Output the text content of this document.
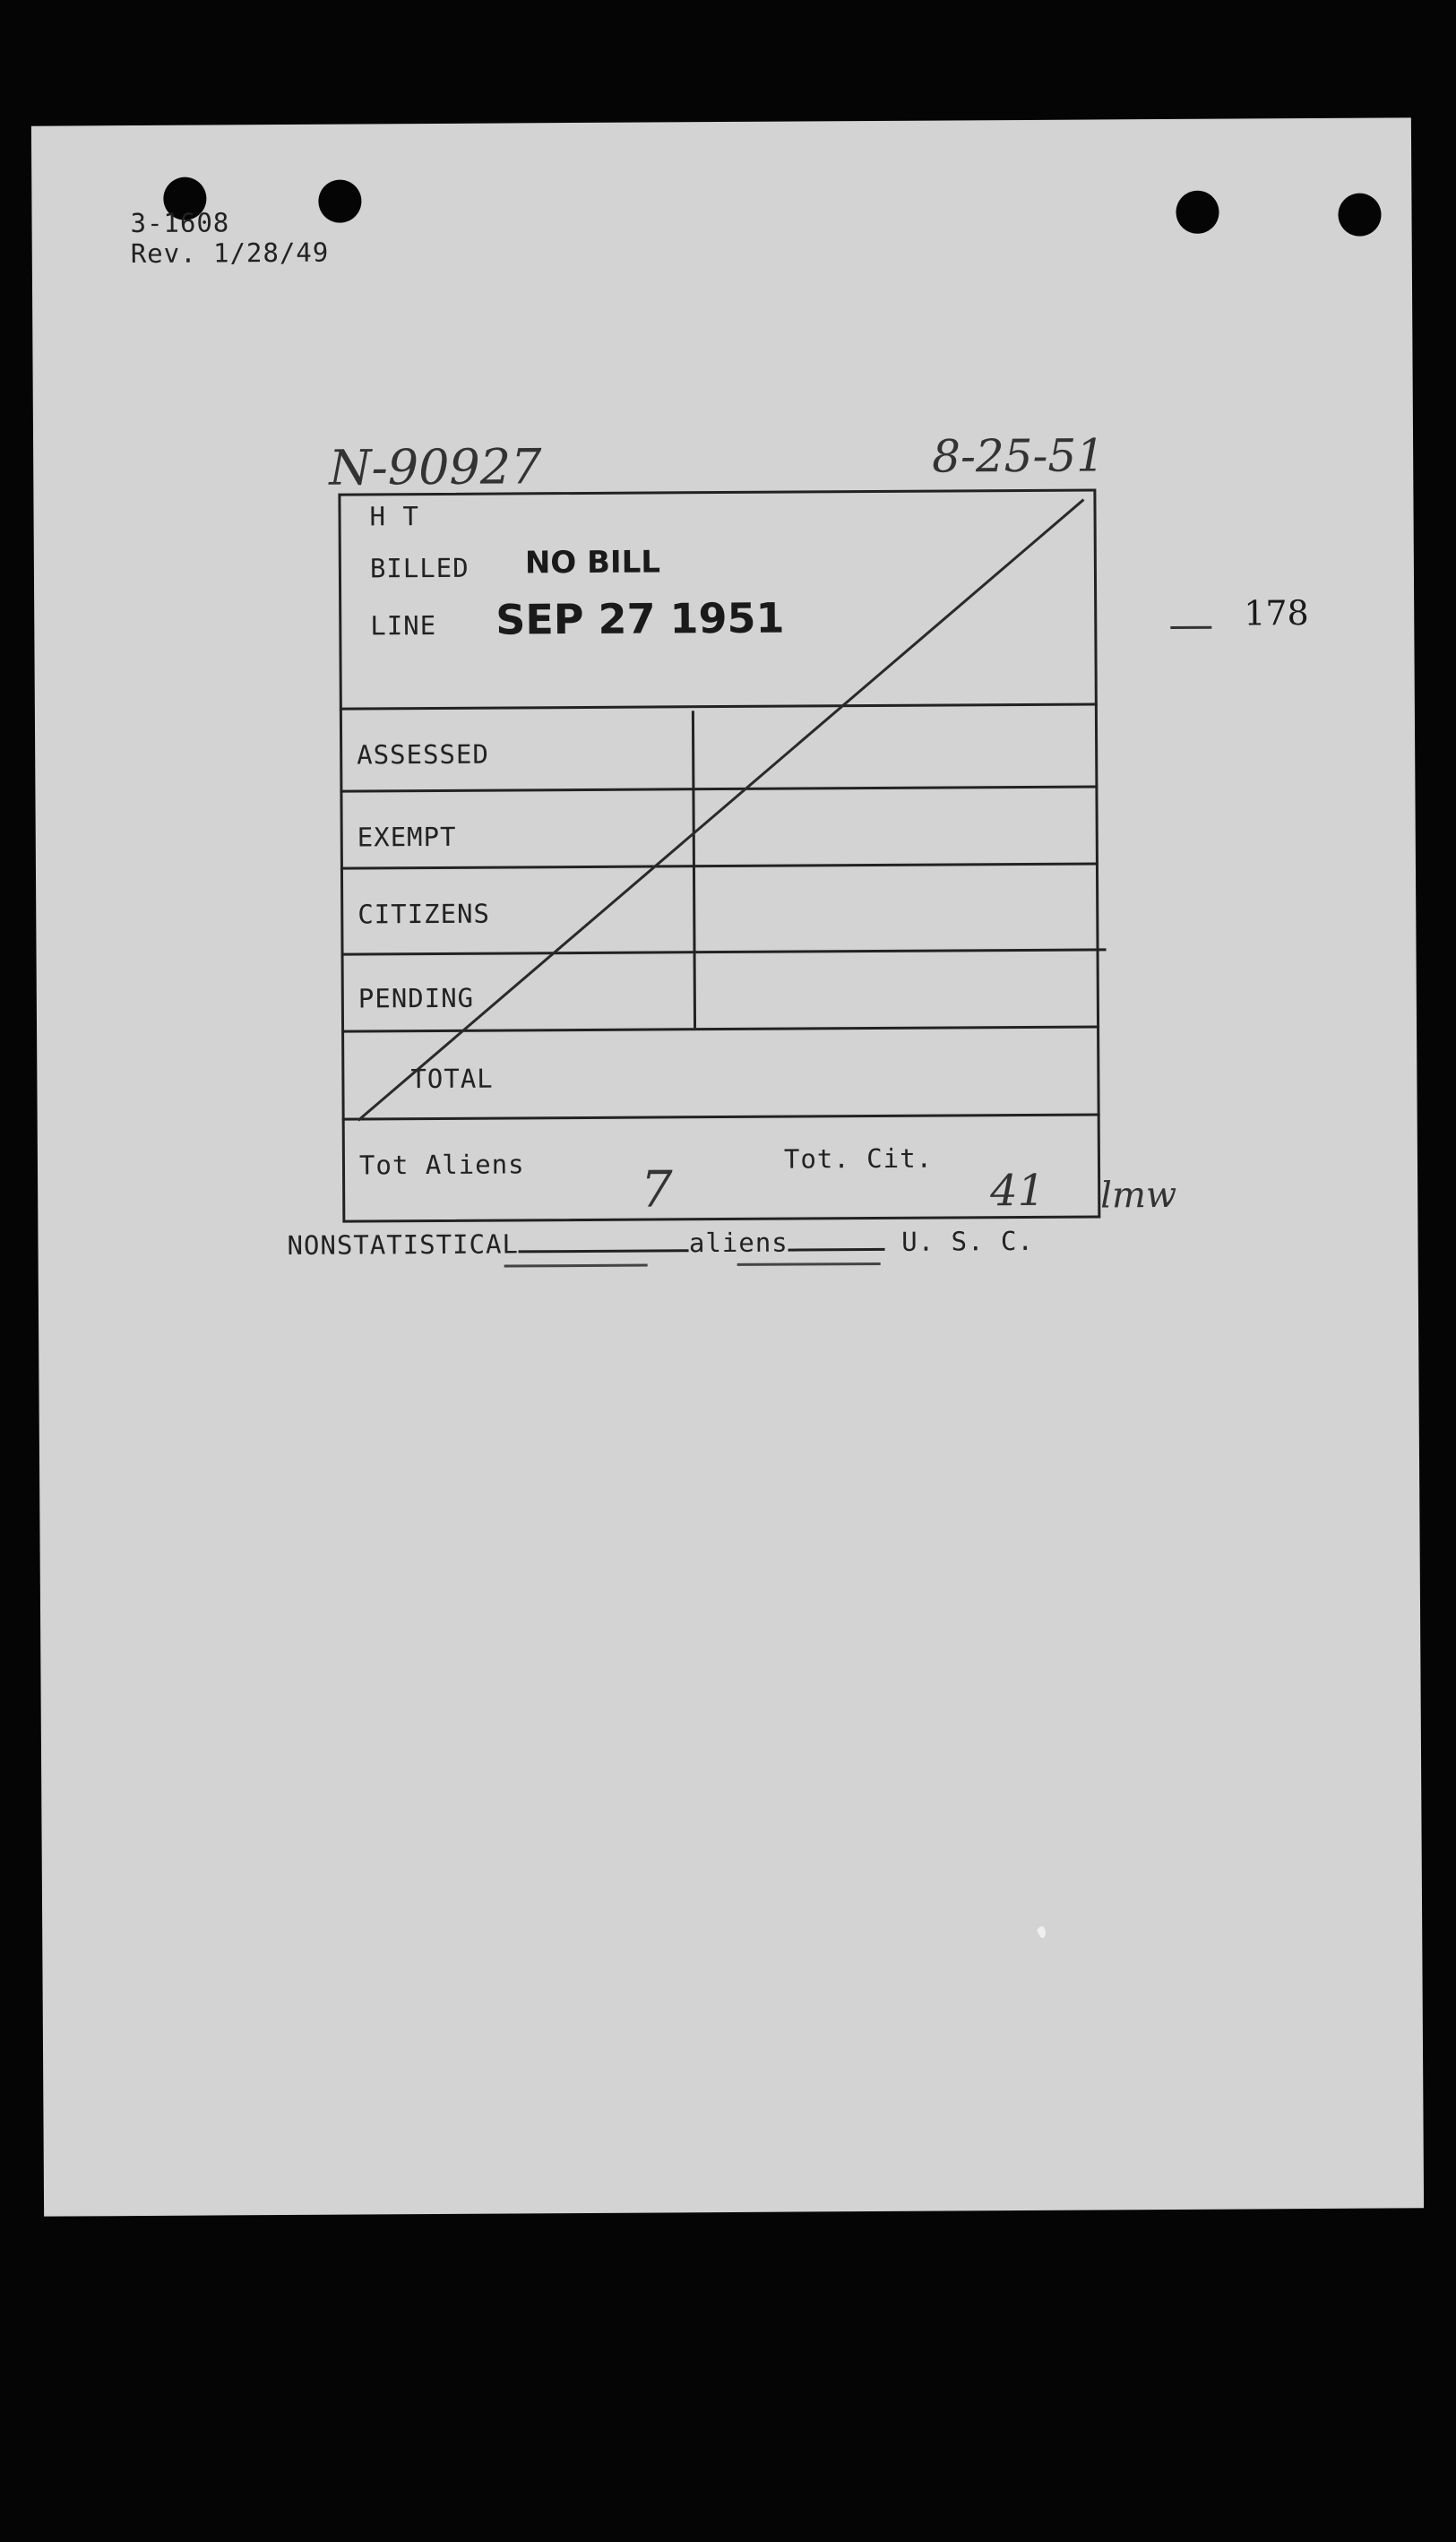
3-1608
Rev. 1/28/49
N-90927	8-25-51
178
H T
BILLED NO BILL
LINE SEP 27 1951
ASSESSED
EXEMPT
CITIZENS
PENDING
TOTAL
Tot Aliens	Tot. Cit.
7	41 lmw
NONSTATISTICAL	aliens	U. S. C.
